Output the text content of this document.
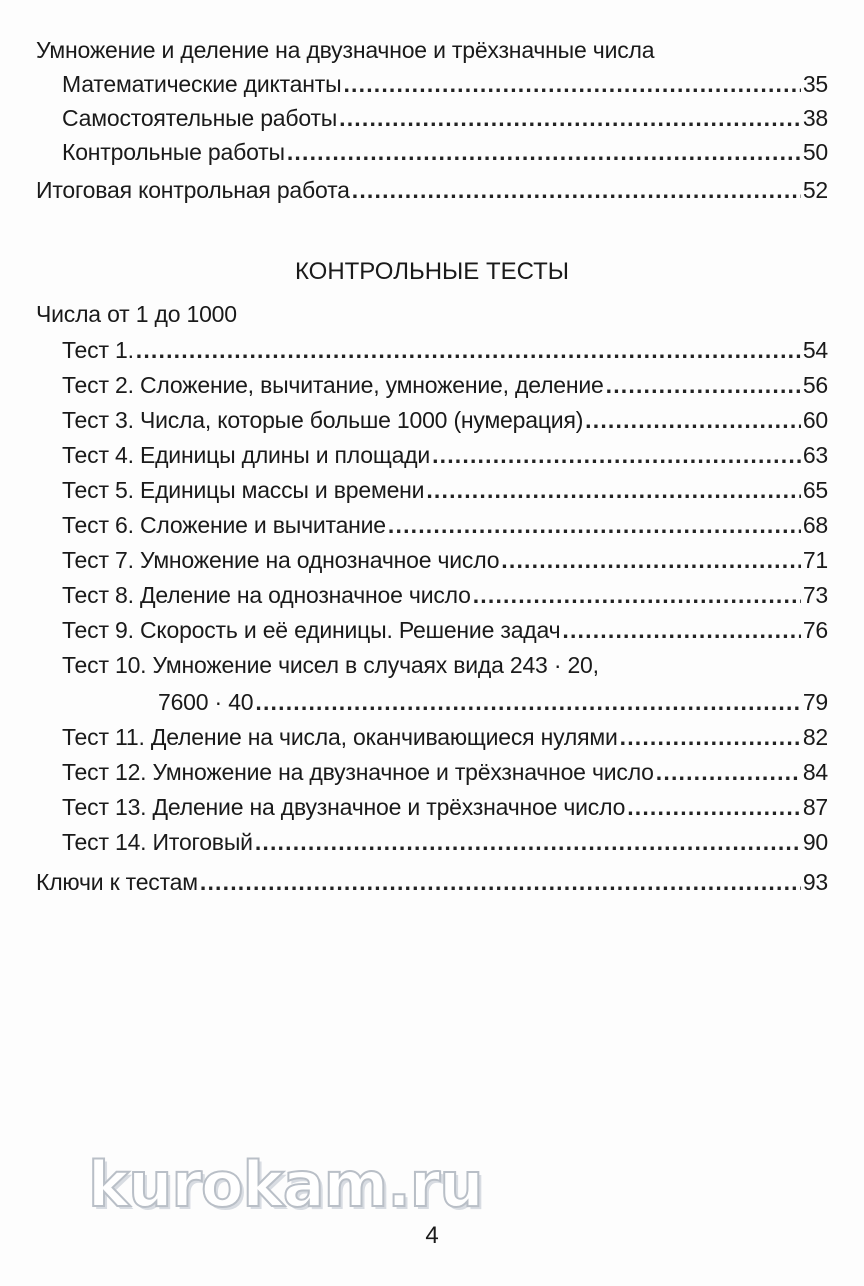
Умножение и деление на двузначное и трёхзначные числа
Математические диктанты . . .	35
Самостоятельные работы . . .	38
Контрольные работы . . .	50
Итоговая контрольная работа . . .	52
КОНТРОЛЬНЫЕ ТЕСТЫ
Числа от 1 до 1000
Тест 1. . . .	54
Тест 2. Сложение, вычитание, умножение, деление . . .	56
Тест 3. Числа, которые больше 1000 (нумерация) . . .	60
Тест 4. Единицы длины и площади . . .	63
Тест 5. Единицы массы и времени . . .	65
Тест 6. Сложение и вычитание . . .	68
Тест 7. Умножение на однозначное число . . .	71
Тест 8. Деление на однозначное число . . .	73
Тест 9. Скорость и её единицы. Решение задач . . .	76
Тест 10. Умножение чисел в случаях вида 243 · 20,
7600 · 40 . . .	79
Тест 11. Деление на числа, оканчивающиеся нулями . . .	82
Тест 12. Умножение на двузначное и трёхзначное число . . .	84
Тест 13. Деление на двузначное и трёхзначное число . . .	87
Тест 14. Итоговый . . .	90
Ключи к тестам . . .	93
kurokam.ru
4
